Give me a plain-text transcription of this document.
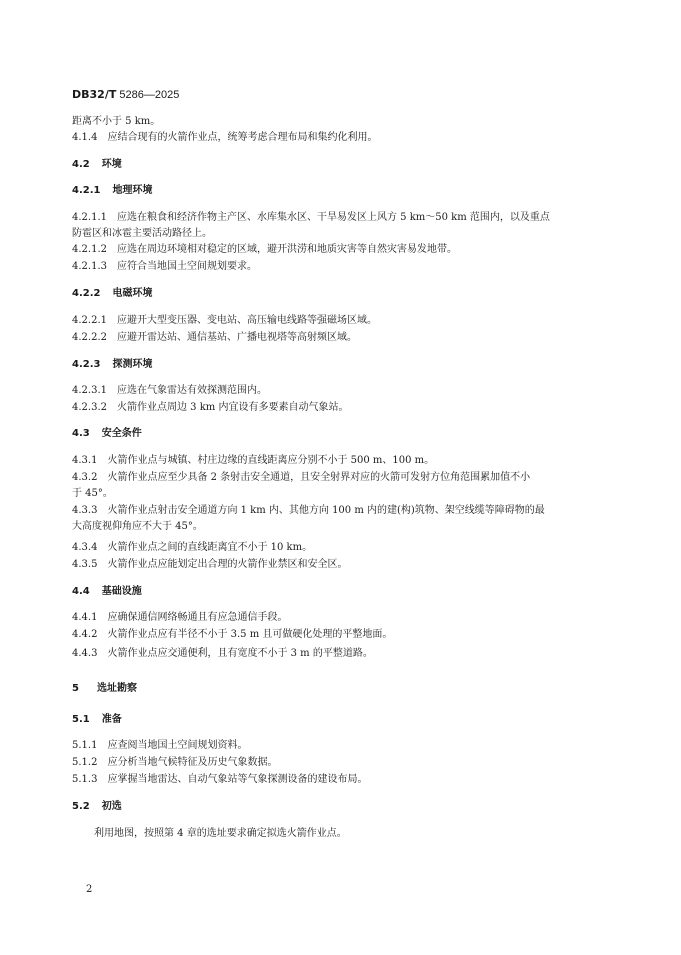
DB32/T 5286—2025
距离不小于 5 km。
4.1.4 应结合现有的火箭作业点，统筹考虑合理布局和集约化利用。
4.2 环境
4.2.1 地理环境
4.2.1.1 应选在粮食和经济作物主产区、水库集水区、干旱易发区上风方 5 km～50 km 范围内，以及重点
防雹区和冰雹主要活动路径上。
4.2.1.2 应选在周边环境相对稳定的区域，避开洪涝和地质灾害等自然灾害易发地带。
4.2.1.3 应符合当地国土空间规划要求。
4.2.2 电磁环境
4.2.2.1 应避开大型变压器、变电站、高压输电线路等强磁场区域。
4.2.2.2 应避开雷达站、通信基站、广播电视塔等高射频区域。
4.2.3 探测环境
4.2.3.1 应选在气象雷达有效探测范围内。
4.2.3.2 火箭作业点周边 3 km 内宜设有多要素自动气象站。
4.3 安全条件
4.3.1 火箭作业点与城镇、村庄边缘的直线距离应分别不小于 500 m、100 m。
4.3.2 火箭作业点应至少具备 2 条射击安全通道，且安全射界对应的火箭可发射方位角范围累加值不小
于 45°。
4.3.3 火箭作业点射击安全通道方向 1 km 内、其他方向 100 m 内的建(构)筑物、架空线缆等障碍物的最
大高度视仰角应不大于 45°。
4.3.4 火箭作业点之间的直线距离宜不小于 10 km。
4.3.5 火箭作业点应能划定出合理的火箭作业禁区和安全区。
4.4 基础设施
4.4.1 应确保通信网络畅通且有应急通信手段。
4.4.2 火箭作业点应有半径不小于 3.5 m 且可做硬化处理的平整地面。
4.4.3 火箭作业点应交通便利，且有宽度不小于 3 m 的平整道路。
5 选址勘察
5.1 准备
5.1.1 应查阅当地国土空间规划资料。
5.1.2 应分析当地气候特征及历史气象数据。
5.1.3 应掌握当地雷达、自动气象站等气象探测设备的建设布局。
5.2 初选
利用地图，按照第 4 章的选址要求确定拟选火箭作业点。
2
